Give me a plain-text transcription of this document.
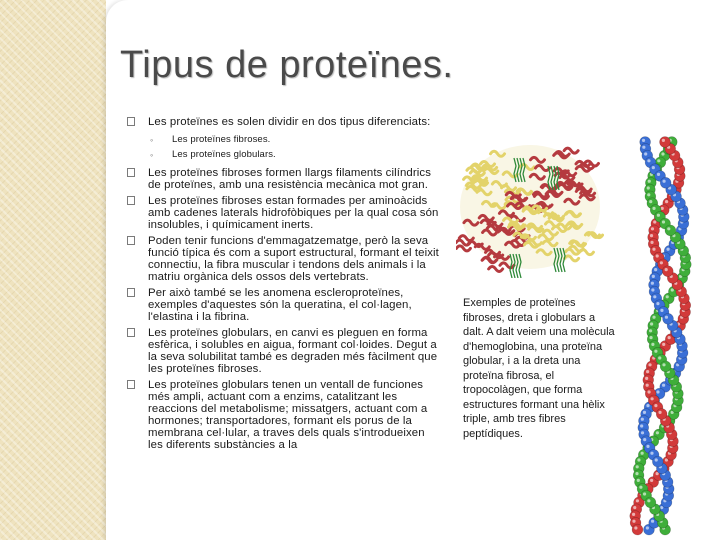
Tipus de proteïnes.
Les proteïnes es solen dividir en dos tipus diferenciats:
◦ Les proteïnes fibroses.
◦ Les proteïnes globulars.
Les proteïnes fibroses formen llargs filaments cilíndrics de proteïnes, amb una resistència mecànica mot gran.
Les proteïnes fibroses estan formades per aminoàcids amb cadenes laterals hidrofòbiques per la qual cosa són insolubles, i químicament inerts.
Poden tenir funcions d'emmagatzematge, però la seva funció típica és com a suport estructural, formant el teixit connectiu, la fibra muscular i tendons dels animals i la matriu orgànica dels ossos dels vertebrats.
Per això també se les anomena escleroproteïnes, exemples d'aquestes són la queratina, el col·lagen, l'elastina i la fibrina.
Les proteïnes globulars, en canvi es pleguen en forma esfèrica, i solubles en aigua, formant col·loides. Degut a la seva solubilitat també es degraden més fàcilment que les proteïnes fibroses.
Les proteïnes globulars tenen un ventall de funciones més ampli, actuant com a enzims, catalitzant les reaccions del metabolisme; missatgers, actuant com a hormones; transportadores, formant els porus de la membrana cel·lular, a traves dels quals s'introdueixen les diferents substàncies a la

Exemples de proteïnes fibroses, dreta i globulars a dalt. A dalt veiem una molècula d'hemoglobina, una proteïna globular, i a la dreta una proteïna fibrosa, el tropocolàgen, que forma estructures formant una hèlix triple, amb tres fibres peptídiques.
